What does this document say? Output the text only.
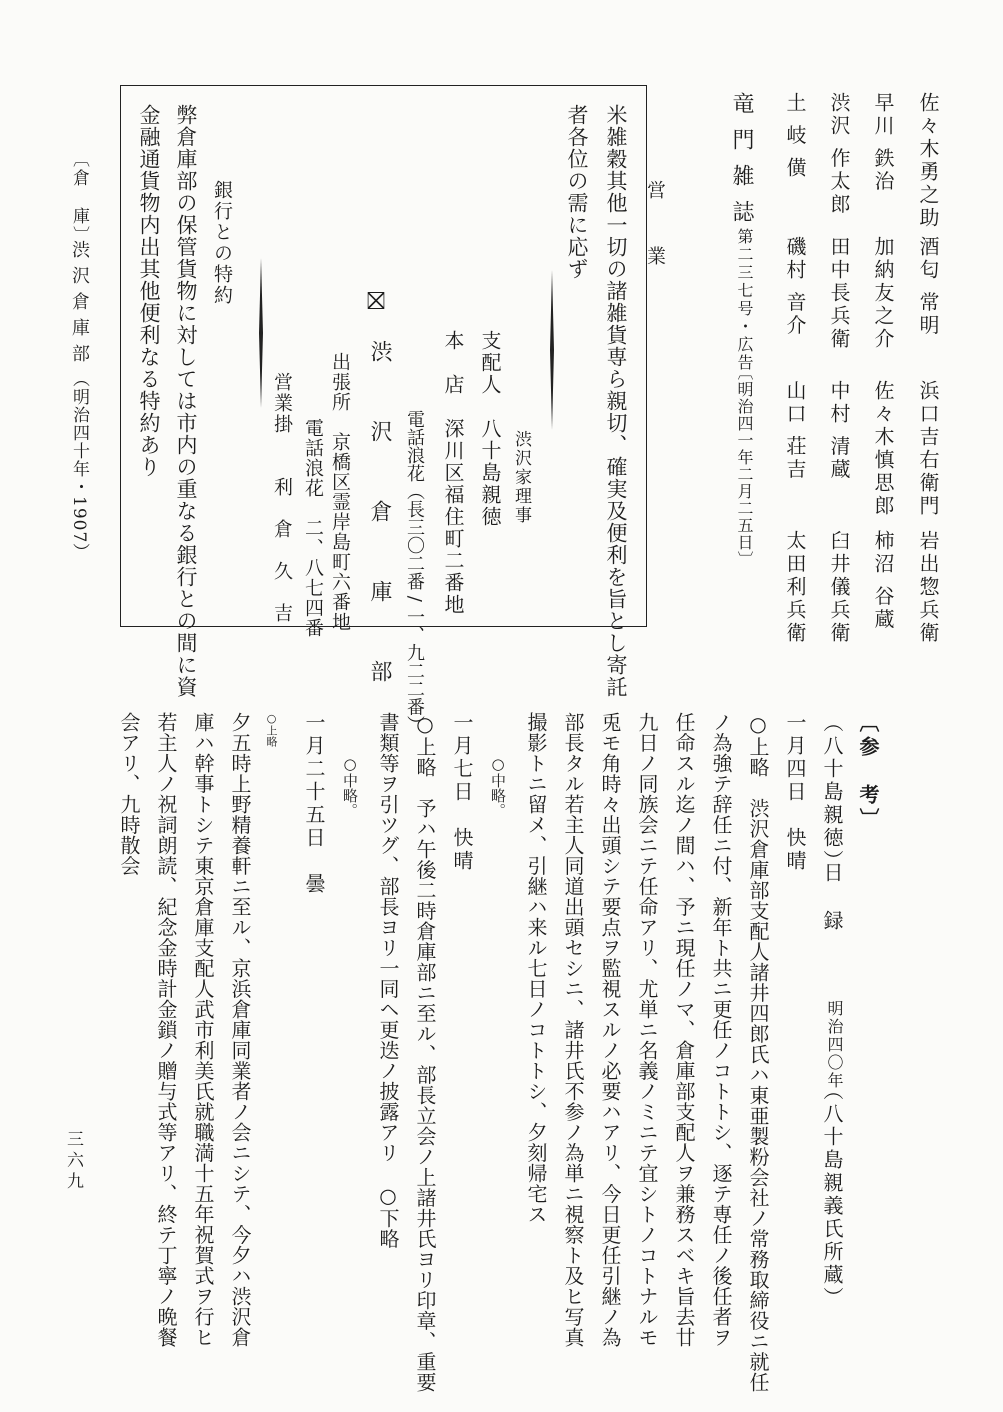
佐々木勇之助
酒匂 常明
浜口吉右衛門
岩出惣兵衛
早川 鉄治
加納友之介
佐々木慎思郎
柿沼 谷蔵
渋沢 作太郎
田中長兵衛
中村 清蔵
臼井儀兵衛
土 岐 僙
磯村 音介
山口 荘吉
太田利兵衛
竜門雑誌
第二三七号・広告
〔明治四一年二月二五日〕
営　業
米雑穀其他一切の諸雑貨専ら親切、確実及便利を旨とし寄託
者各位の需に応ず
渋沢家理事
支配人　八十島親徳
本　店　深川区福住町二番地
電話浪花（長三〇二番 / 一、九二二番）
⛝
渋　沢　倉　庫　部
出張所　京橋区霊岸島町六番地
電話浪花　二、八七四番
営業掛　　利　倉　久　吉
銀行との特約
弊倉庫部の保管貨物に対しては市内の重なる銀行との間に資
金融通貨物内出其他便利なる特約あり
〔倉　庫〕
渋沢倉庫部
（明治四十年・1907）
〔参　考〕
（八十島親徳）
日　録
明治四〇年
（八十島親義氏所蔵）
一月四日　快晴
○上略　渋沢倉庫部支配人諸井四郎氏ハ東亜製粉会社ノ常務取締役ニ就任
ノ為強テ辞任ニ付、新年ト共ニ更任ノコトトシ、逐テ専任ノ後任者ヲ
任命スル迄ノ間ハ、予ニ現任ノマ、倉庫部支配人ヲ兼務スベキ旨去廿
九日ノ同族会ニテ任命アリ、尤単ニ名義ノミニテ宜シトノコトナルモ
兎モ角時々出頭シテ要点ヲ監視スルノ必要ハアリ、今日更任引継ノ為
部長タル若主人同道出頭セシニ、諸井氏不参ノ為単ニ視察ト及ヒ写真
撮影トニ留メ、引継ハ来ル七日ノコトトシ、夕刻帰宅ス
○中略。
一月七日　快晴
○上略　予ハ午後二時倉庫部ニ至ル、部長立会ノ上諸井氏ヨリ印章、重要
書類等ヲ引ツグ、部長ヨリ一同ヘ更迭ノ披露アリ　○下略
○中略。
一月二十五日　曇
○上略
夕五時上野精養軒ニ至ル、京浜倉庫同業者ノ会ニシテ、今夕ハ渋沢倉
庫ハ幹事トシテ東京倉庫支配人武市利美氏就職満十五年祝賀式ヲ行ヒ
若主人ノ祝詞朗読、紀念金時計金鎖ノ贈与式等アリ、終テ丁寧ノ晩餐
会アリ、九時散会
三六九
